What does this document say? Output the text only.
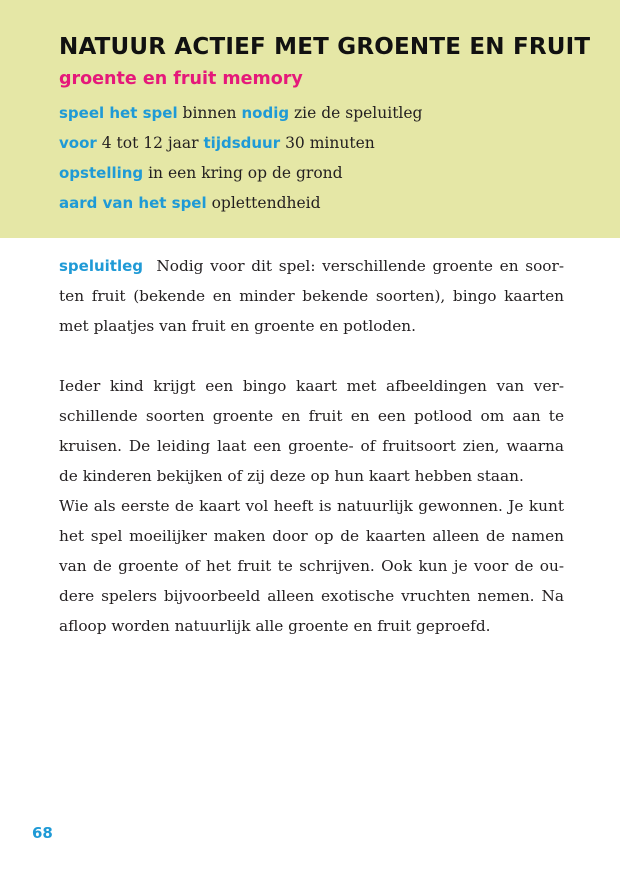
NATUUR ACTIEF MET GROENTE EN FRUIT
groente en fruit memory
speel het spel binnen nodig zie de speluitleg
voor 4 tot 12 jaar tijdsduur 30 minuten
opstelling in een kring op de grond
aard van het spel oplettendheid

speluitleg Nodig voor dit spel: verschillende groente en soor-
ten fruit (bekende en minder bekende soorten), bingo kaarten
met plaatjes van fruit en groente en potloden.

Ieder kind krijgt een bingo kaart met afbeeldingen van ver-
schillende soorten groente en fruit en een potlood om aan te
kruisen. De leiding laat een groente- of fruitsoort zien, waarna
de kinderen bekijken of zij deze op hun kaart hebben staan.
Wie als eerste de kaart vol heeft is natuurlijk gewonnen. Je kunt
het spel moeilijker maken door op de kaarten alleen de namen
van de groente of het fruit te schrijven. Ook kun je voor de ou-
dere spelers bijvoorbeeld alleen exotische vruchten nemen. Na
afloop worden natuurlijk alle groente en fruit geproefd.

68
